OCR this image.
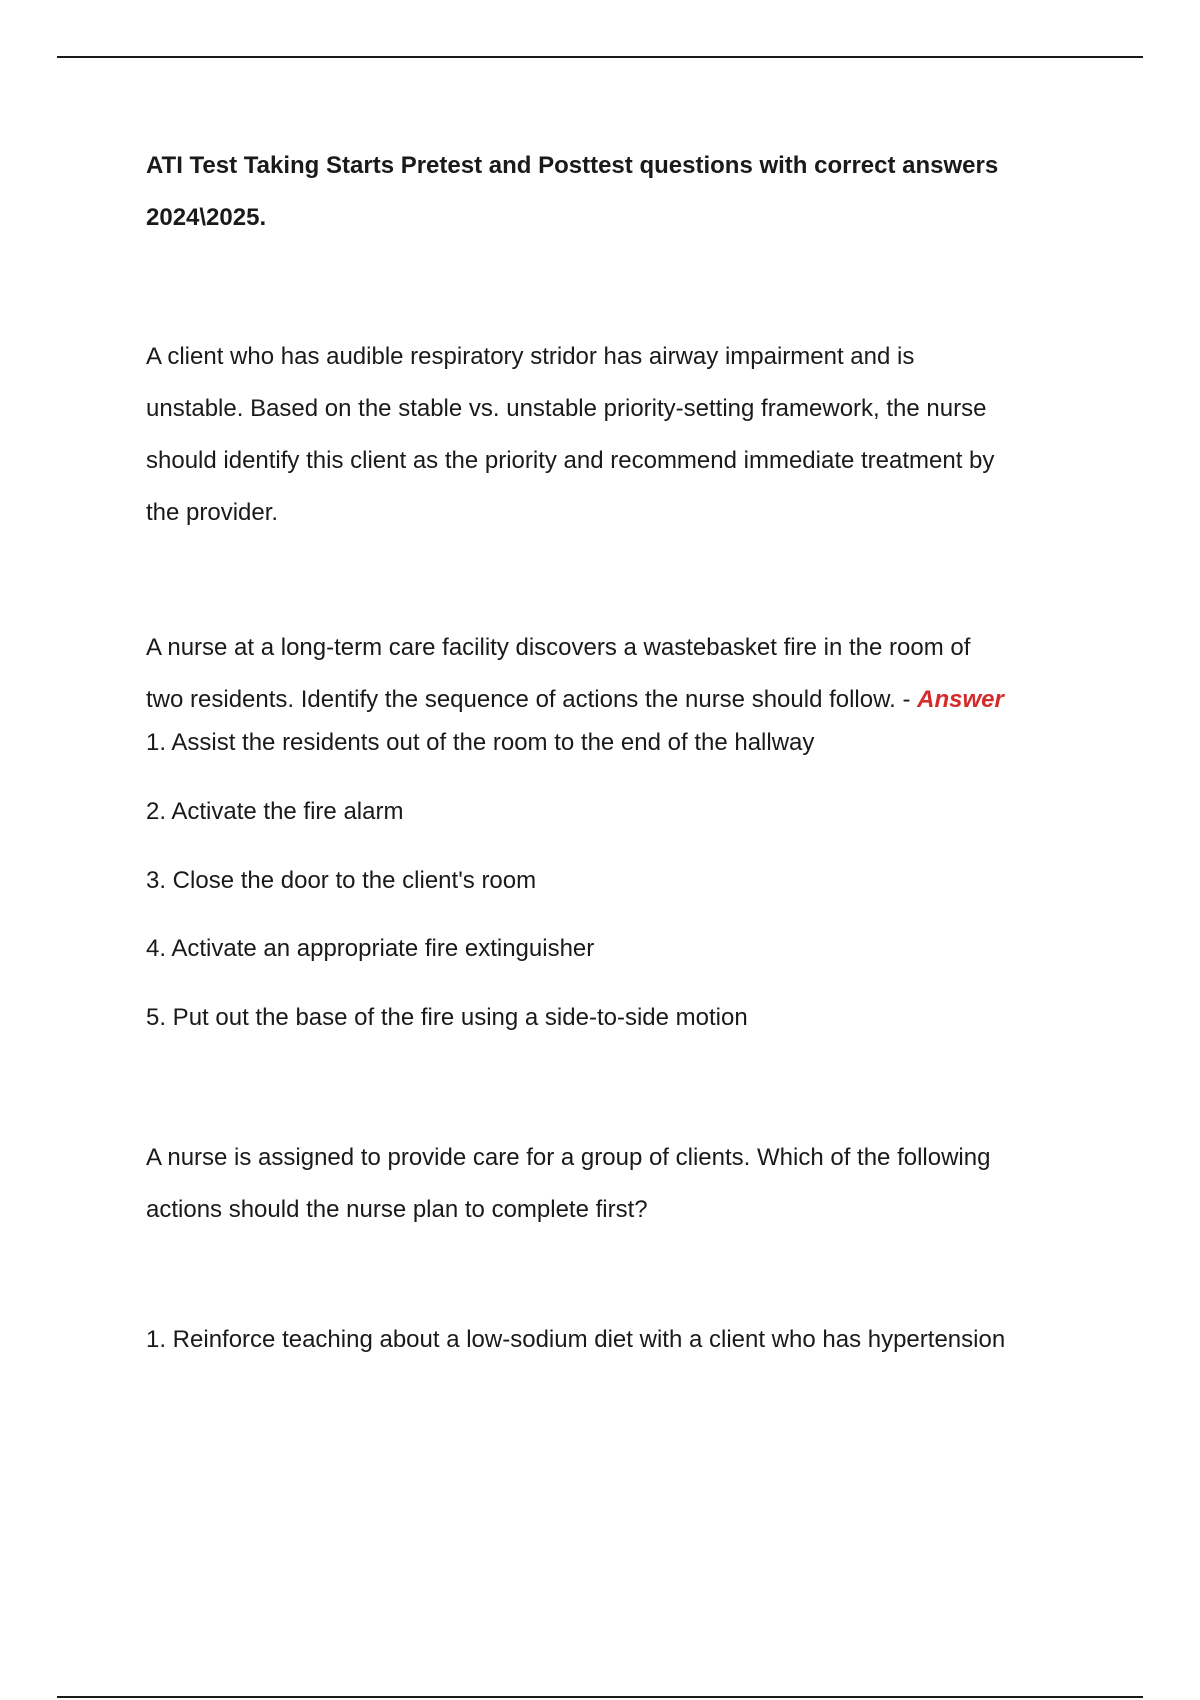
ATI Test Taking Starts Pretest and Posttest questions with correct answers

2024\2025.

A client who has audible respiratory stridor has airway impairment and is

unstable. Based on the stable vs. unstable priority-setting framework, the nurse

should identify this client as the priority and recommend immediate treatment by

the provider.

A nurse at a long-term care facility discovers a wastebasket fire in the room of

two residents. Identify the sequence of actions the nurse should follow. - Answer

1. Assist the residents out of the room to the end of the hallway

2. Activate the fire alarm

3. Close the door to the client's room

4. Activate an appropriate fire extinguisher

5. Put out the base of the fire using a side-to-side motion

A nurse is assigned to provide care for a group of clients. Which of the following

actions should the nurse plan to complete first?

1. Reinforce teaching about a low-sodium diet with a client who has hypertension
